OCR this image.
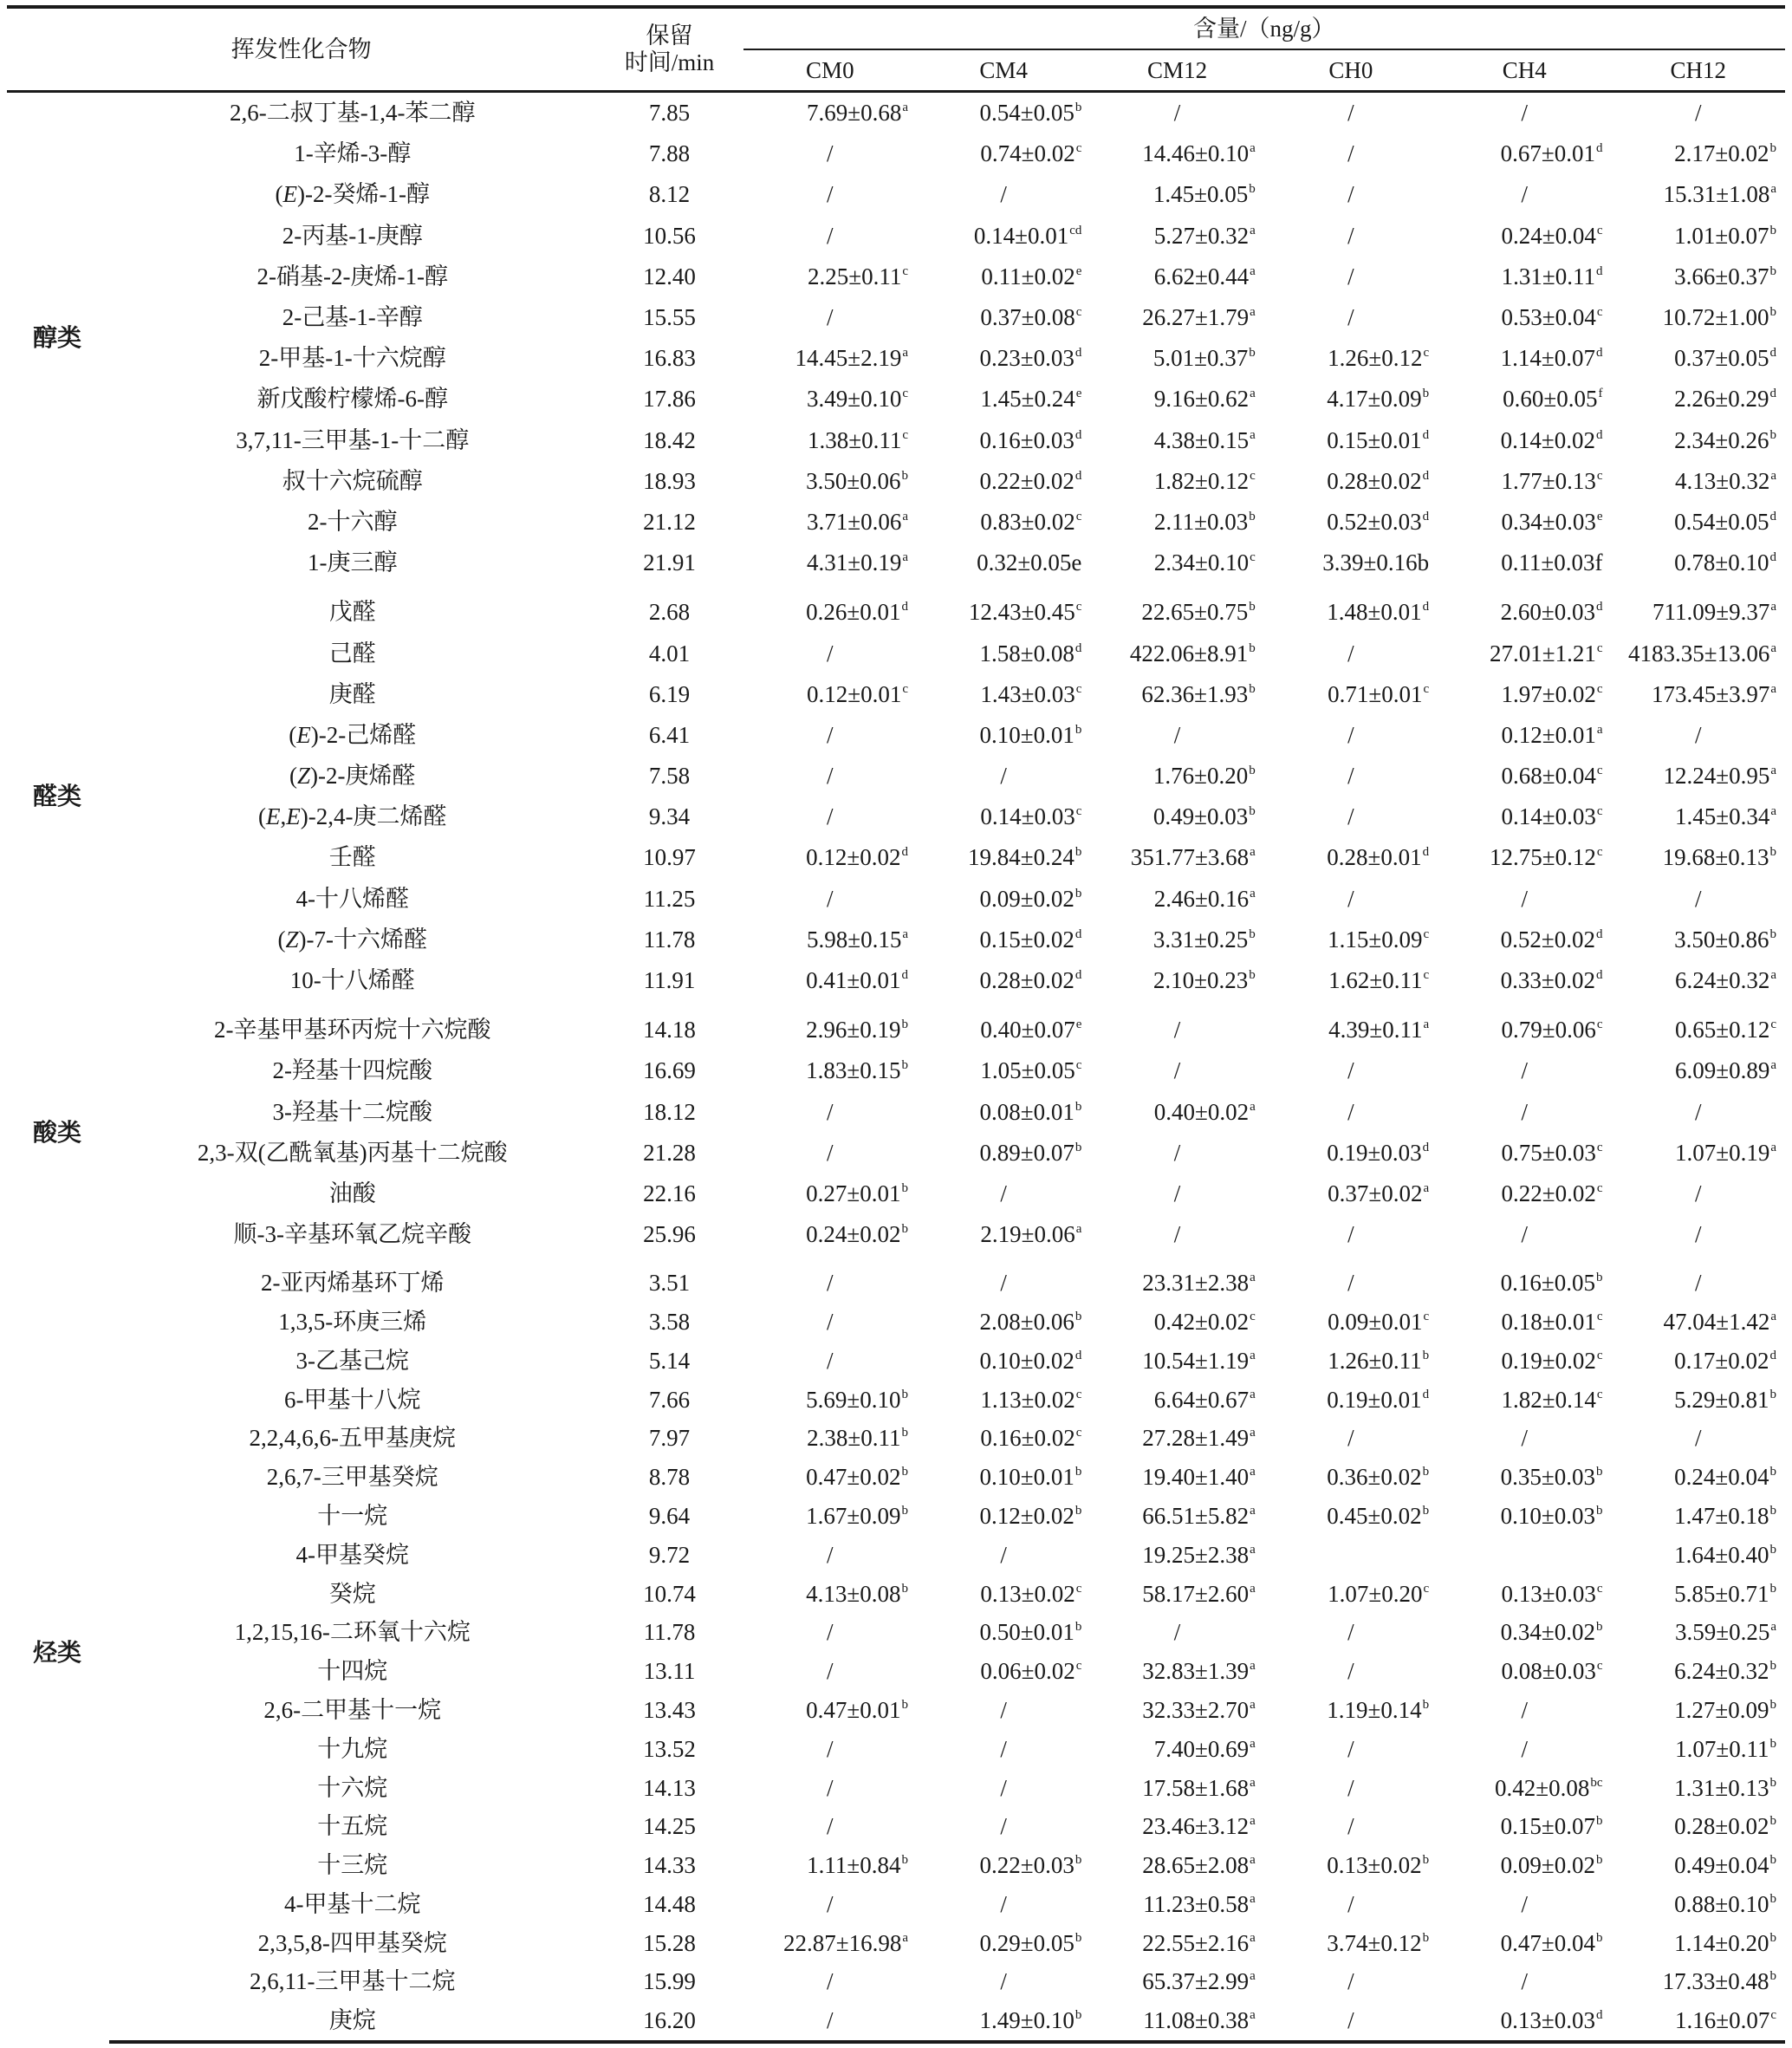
挥发性化合物		保留
时间/min	含量/（ng/g）					
			CM0	CM4	CM12	CH0	CH4	CH12
醇类	2,6-二叔丁基-1,4-苯二醇	7.85	7.69±0.68$^a$	0.54±0.05$^b$	/	/	/	/
	1-辛烯-3-醇	7.88	/	0.74±0.02$^c$	14.46±0.10$^a$	/	0.67±0.01$^d$	2.17±0.02$^b$
	(E)-2-癸烯-1-醇	8.12	/	/	1.45±0.05$^b$	/	/	15.31±1.08$^a$
	2-丙基-1-庚醇	10.56	/	0.14±0.01$^{cd}$	5.27±0.32$^a$	/	0.24±0.04$^c$	1.01±0.07$^b$
	2-硝基-2-庚烯-1-醇	12.40	2.25±0.11$^c$	0.11±0.02$^e$	6.62±0.44$^a$	/	1.31±0.11$^d$	3.66±0.37$^b$
	2-己基-1-辛醇	15.55	/	0.37±0.08$^c$	26.27±1.79$^a$	/	0.53±0.04$^c$	10.72±1.00$^b$
	2-甲基-1-十六烷醇	16.83	14.45±2.19$^a$	0.23±0.03$^d$	5.01±0.37$^b$	1.26±0.12$^c$	1.14±0.07$^d$	0.37±0.05$^d$
	新戊酸柠檬烯-6-醇	17.86	3.49±0.10$^c$	1.45±0.24$^e$	9.16±0.62$^a$	4.17±0.09$^b$	0.60±0.05$^f$	2.26±0.29$^d$
	3,7,11-三甲基-1-十二醇	18.42	1.38±0.11$^c$	0.16±0.03$^d$	4.38±0.15$^a$	0.15±0.01$^d$	0.14±0.02$^d$	2.34±0.26$^b$
	叔十六烷硫醇	18.93	3.50±0.06$^b$	0.22±0.02$^d$	1.82±0.12$^c$	0.28±0.02$^d$	1.77±0.13$^c$	4.13±0.32$^a$
	2-十六醇	21.12	3.71±0.06$^a$	0.83±0.02$^c$	2.11±0.03$^b$	0.52±0.03$^d$	0.34±0.03$^e$	0.54±0.05$^d$
	1-庚三醇	21.91	4.31±0.19$^a$	0.32±0.05e	2.34±0.10$^c$	3.39±0.16b	0.11±0.03f	0.78±0.10$^d$
醛类	戊醛	2.68	0.26±0.01$^d$	12.43±0.45$^c$	22.65±0.75$^b$	1.48±0.01$^d$	2.60±0.03$^d$	711.09±9.37$^a$
	己醛	4.01	/	1.58±0.08$^d$	422.06±8.91$^b$	/	27.01±1.21$^c$	4183.35±13.06$^a$
	庚醛	6.19	0.12±0.01$^c$	1.43±0.03$^c$	62.36±1.93$^b$	0.71±0.01$^c$	1.97±0.02$^c$	173.45±3.97$^a$
	(E)-2-己烯醛	6.41	/	0.10±0.01$^b$	/	/	0.12±0.01$^a$	/
	(Z)-2-庚烯醛	7.58	/	/	1.76±0.20$^b$	/	0.68±0.04$^c$	12.24±0.95$^a$
	(E,E)-2,4-庚二烯醛	9.34	/	0.14±0.03$^c$	0.49±0.03$^b$	/	0.14±0.03$^c$	1.45±0.34$^a$
	壬醛	10.97	0.12±0.02$^d$	19.84±0.24$^b$	351.77±3.68$^a$	0.28±0.01$^d$	12.75±0.12$^c$	19.68±0.13$^b$
	4-十八烯醛	11.25	/	0.09±0.02$^b$	2.46±0.16$^a$	/	/	/
	(Z)-7-十六烯醛	11.78	5.98±0.15$^a$	0.15±0.02$^d$	3.31±0.25$^b$	1.15±0.09$^c$	0.52±0.02$^d$	3.50±0.86$^b$
	10-十八烯醛	11.91	0.41±0.01$^d$	0.28±0.02$^d$	2.10±0.23$^b$	1.62±0.11$^c$	0.33±0.02$^d$	6.24±0.32$^a$
酸类	2-辛基甲基环丙烷十六烷酸	14.18	2.96±0.19$^b$	0.40±0.07$^e$	/	4.39±0.11$^a$	0.79±0.06$^c$	0.65±0.12$^c$
	2-羟基十四烷酸	16.69	1.83±0.15$^b$	1.05±0.05$^c$	/	/	/	6.09±0.89$^a$
	3-羟基十二烷酸	18.12	/	0.08±0.01$^b$	0.40±0.02$^a$	/	/	/
	2,3-双(乙酰氧基)丙基十二烷酸	21.28	/	0.89±0.07$^b$	/	0.19±0.03$^d$	0.75±0.03$^c$	1.07±0.19$^a$
	油酸	22.16	0.27±0.01$^b$	/	/	0.37±0.02$^a$	0.22±0.02$^c$	/
	顺-3-辛基环氧乙烷辛酸	25.96	0.24±0.02$^b$	2.19±0.06$^a$	/	/	/	/
烃类	2-亚丙烯基环丁烯	3.51	/	/	23.31±2.38$^a$	/	0.16±0.05$^b$	/
	1,3,5-环庚三烯	3.58	/	2.08±0.06$^b$	0.42±0.02$^c$	0.09±0.01$^c$	0.18±0.01$^c$	47.04±1.42$^a$
	3-乙基己烷	5.14	/	0.10±0.02$^d$	10.54±1.19$^a$	1.26±0.11$^b$	0.19±0.02$^c$	0.17±0.02$^d$
	6-甲基十八烷	7.66	5.69±0.10$^b$	1.13±0.02$^c$	6.64±0.67$^a$	0.19±0.01$^d$	1.82±0.14$^c$	5.29±0.81$^b$
	2,2,4,6,6-五甲基庚烷	7.97	2.38±0.11$^b$	0.16±0.02$^c$	27.28±1.49$^a$	/	/	/
	2,6,7-三甲基癸烷	8.78	0.47±0.02$^b$	0.10±0.01$^b$	19.40±1.40$^a$	0.36±0.02$^b$	0.35±0.03$^b$	0.24±0.04$^b$
	十一烷	9.64	1.67±0.09$^b$	0.12±0.02$^b$	66.51±5.82$^a$	0.45±0.02$^b$	0.10±0.03$^b$	1.47±0.18$^b$
	4-甲基癸烷	9.72	/	/	19.25±2.38$^a$			1.64±0.40$^b$
	癸烷	10.74	4.13±0.08$^b$	0.13±0.02$^c$	58.17±2.60$^a$	1.07±0.20$^c$	0.13±0.03$^c$	5.85±0.71$^b$
	1,2,15,16-二环氧十六烷	11.78	/	0.50±0.01$^b$	/	/	0.34±0.02$^b$	3.59±0.25$^a$
	十四烷	13.11	/	0.06±0.02$^c$	32.83±1.39$^a$	/	0.08±0.03$^c$	6.24±0.32$^b$
	2,6-二甲基十一烷	13.43	0.47±0.01$^b$	/	32.33±2.70$^a$	1.19±0.14$^b$	/	1.27±0.09$^b$
	十九烷	13.52	/	/	7.40±0.69$^a$	/	/	1.07±0.11$^b$
	十六烷	14.13	/	/	17.58±1.68$^a$	/	0.42±0.08$^{bc}$	1.31±0.13$^b$
	十五烷	14.25	/	/	23.46±3.12$^a$	/	0.15±0.07$^b$	0.28±0.02$^b$
	十三烷	14.33	1.11±0.84$^b$	0.22±0.03$^b$	28.65±2.08$^a$	0.13±0.02$^b$	0.09±0.02$^b$	0.49±0.04$^b$
	4-甲基十二烷	14.48	/	/	11.23±0.58$^a$	/	/	0.88±0.10$^b$
	2,3,5,8-四甲基癸烷	15.28	22.87±16.98$^a$	0.29±0.05$^b$	22.55±2.16$^a$	3.74±0.12$^b$	0.47±0.04$^b$	1.14±0.20$^b$
	2,6,11-三甲基十二烷	15.99	/	/	65.37±2.99$^a$	/	/	17.33±0.48$^b$
	庚烷	16.20	/	1.49±0.10$^b$	11.08±0.38$^a$	/	0.13±0.03$^d$	1.16±0.07$^c$
